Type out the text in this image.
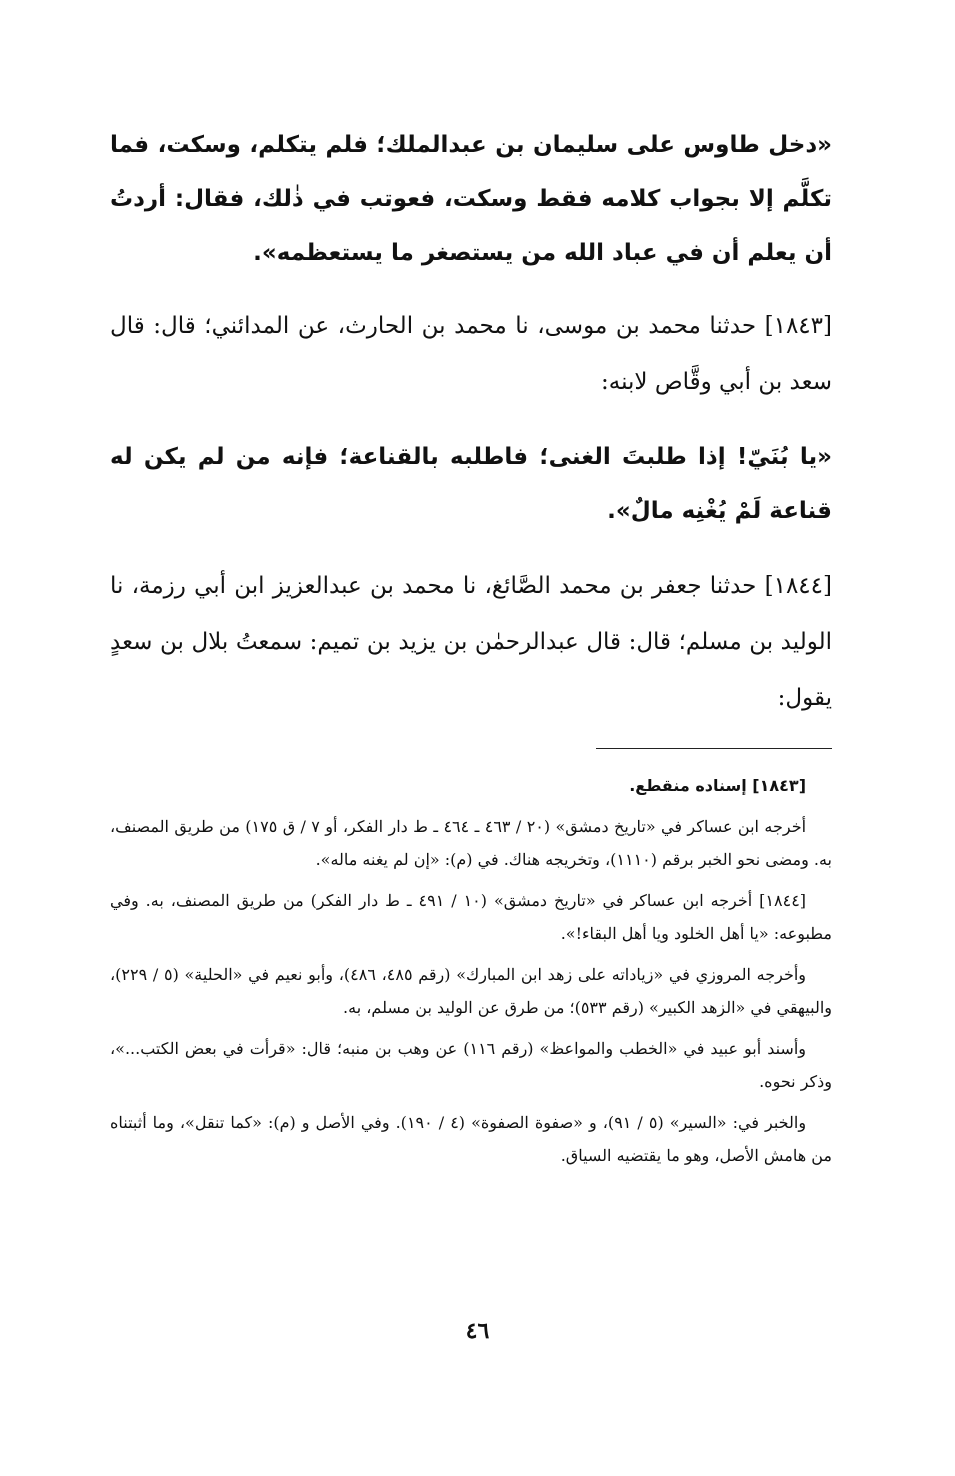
«دخل طاوس على سليمان بن عبدالملك؛ فلم يتكلم، وسكت، فما تكلَّم إلا بجواب كلامه فقط وسكت، فعوتب في ذٰلك، فقال: أردتُ أن يعلم أن في عباد الله من يستصغر ما يستعظمه».

[١٨٤٣] حدثنا محمد بن موسى، نا محمد بن الحارث، عن المدائني؛ قال: قال سعد بن أبي وقَّاص لابنه:

«يا بُنَيّ! إذا طلبتَ الغنى؛ فاطلبه بالقناعة؛ فإنه من لم يكن له قناعة لَمْ يُغْنِه مالٌ».

[١٨٤٤] حدثنا جعفر بن محمد الصَّائغ، نا محمد بن عبدالعزيز ابن أبي رزمة، نا الوليد بن مسلم؛ قال: قال عبدالرحمٰن بن يزيد بن تميم: سمعتُ بلال بن سعدٍ يقول:

[١٨٤٣] إسناده منقطع.

أخرجه ابن عساكر في «تاريخ دمشق» (٢٠ / ٤٦٣ ـ ٤٦٤ ـ ط دار الفكر، أو ٧ / ق ١٧٥) من طريق المصنف، به. ومضى نحو الخبر برقم (١١١٠)، وتخريجه هناك. في (م): «إن لم يغنه ماله».

[١٨٤٤] أخرجه ابن عساكر في «تاريخ دمشق» (١٠ / ٤٩١ ـ ط دار الفكر) من طريق المصنف، به. وفي مطبوعه: «يا أهل الخلود ويا أهل البقاء!».

وأخرجه المروزي في «زياداته على زهد ابن المبارك» (رقم ٤٨٥، ٤٨٦)، وأبو نعيم في «الحلية» (٥ / ٢٢٩)، والبيهقي في «الزهد الكبير» (رقم ٥٣٣)؛ من طرق عن الوليد بن مسلم، به.

وأسند أبو عبيد في «الخطب والمواعظ» (رقم ١١٦) عن وهب بن منبه؛ قال: «قرأت في بعض الكتب...»، وذكر نحوه.

والخبر في: «السير» (٥ / ٩١)، و «صفوة الصفوة» (٤ / ١٩٠). وفي الأصل و (م): «كما تنقل»، وما أثبتناه من هامش الأصل، وهو ما يقتضيه السياق.

٤٦
